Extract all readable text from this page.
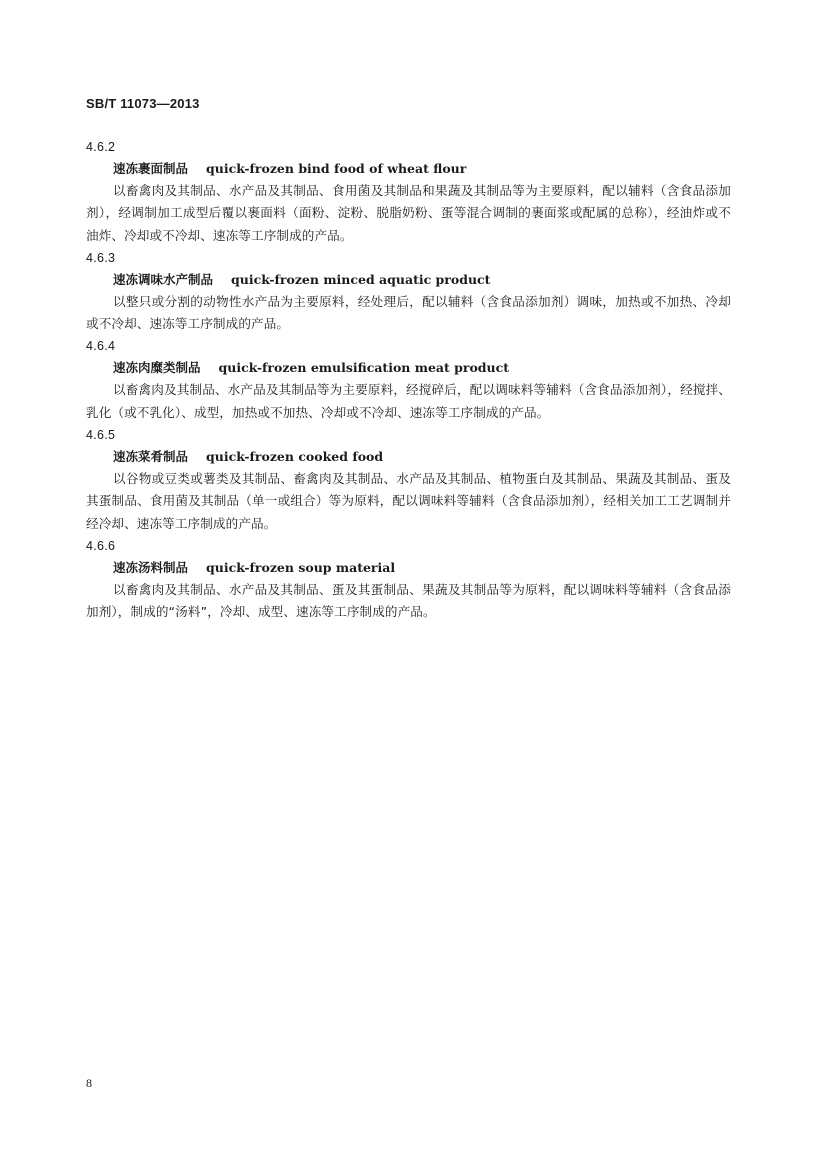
SB/T 11073—2013
4.6.2
速冻裹面制品 quick-frozen bind food of wheat flour

以畜禽肉及其制品、水产品及其制品、食用菌及其制品和果蔬及其制品等为主要原料，配以辅料（含食品添加剂），经调制加工成型后覆以裹面料（面粉、淀粉、脱脂奶粉、蛋等混合调制的裹面浆或配属的总称），经油炸或不油炸、冷却或不冷却、速冻等工序制成的产品。

4.6.3
速冻调味水产制品 quick-frozen minced aquatic product

以整只或分割的动物性水产品为主要原料，经处理后，配以辅料（含食品添加剂）调味，加热或不加热、冷却或不冷却、速冻等工序制成的产品。

4.6.4
速冻肉糜类制品 quick-frozen emulsification meat product

以畜禽肉及其制品、水产品及其制品等为主要原料，经搅碎后，配以调味料等辅料（含食品添加剂），经搅拌、乳化（或不乳化）、成型，加热或不加热、冷却或不冷却、速冻等工序制成的产品。

4.6.5
速冻菜肴制品 quick-frozen cooked food

以谷物或豆类或薯类及其制品、畜禽肉及其制品、水产品及其制品、植物蛋白及其制品、果蔬及其制品、蛋及其蛋制品、食用菌及其制品（单一或组合）等为原料，配以调味料等辅料（含食品添加剂），经相关加工工艺调制并经冷却、速冻等工序制成的产品。

4.6.6
速冻汤料制品 quick-frozen soup material

以畜禽肉及其制品、水产品及其制品、蛋及其蛋制品、果蔬及其制品等为原料，配以调味料等辅料（含食品添加剂），制成的“汤料”，冷却、成型、速冻等工序制成的产品。

8
